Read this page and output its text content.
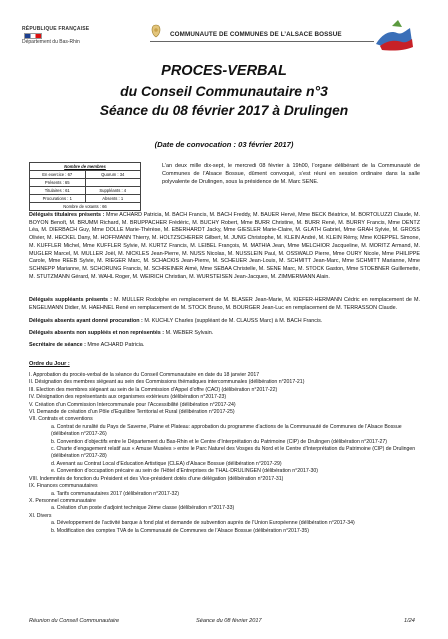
RÉPUBLIQUE FRANÇAISE
Département du Bas-Rhin
COMMUNAUTE DE COMMUNES DE L’ALSACE BOSSUE
PROCES-VERBAL
du Conseil Communautaire n°3
Séance du 08 février 2017 à Drulingen
(Date de convocation : 03 février 2017)
Nombre de membres
En exercice : 67	Quorum : 34
Présents : 65
Titulaires : 61	Suppléants : 4
Procurations : 1	Absents : 1
Nombre de votants : 66
L’an deux mille dix-sept, le mercredi 08 février à 19h00, l’organe délibérant de la Communauté de Communes de l’Alsace Bossue, dûment convoqué, s’est réuni en session ordinaire dans la salle polyvalente de Drulingen, sous la présidence de M. Marc SENE.
Délégués titulaires présents : Mme ACHARD Patricia, M. BACH Francis, M. BACH Freddy, M. BAUER Hervé, Mme BECK Béatrice, M. BORTOLUZZI Claude, M. BOYON Benoît, M. BRUMM Richard, M. BRUPPACHER Frédéric, M. BUCHY Robert, Mme BURR Christine, M. BURR René, M. BURRY Francis, Mme DENTZ Léa, M. DIERBACH Guy, Mme DOLLE Marie-Thérèse, M. EBERHARDT Jacky, Mme GIESLER Marie-Claire, M. GLATH Gabriel, Mme GRAH Sylvie, M. GROSS Olivier, M. HECKEL Dany, M. HOFFMANN Thierry, M. HOLTZSCHERER Gilbert, M. JUNG Christophe, M. KLEIN André, M. KLEIN Rémy, Mme KOEPPEL Simone, M. KUFFLER Michel, Mme KUFFLER Sylvie, M. KURTZ Francis, M. LEIBEL François, M. MATHIA Jean, Mme MELCHIOR Jacqueline, M. MORITZ Armand, M. MUGLER Marcel, M. MULLER Joël, M. NICKLES Jean-Pierre, M. NUSS Nicolas, M. NUSSLEIN Paul, M. OSSWALD Pierre, Mme OURY Nicole, Mme PHILIPPE Carole, Mme REEB Sylvie, M. RIEGER Marc, M. SCHACKIS Jean-Pierre, M. SCHEUER Jean-Louis, M. SCHMITT Jean-Marc, Mme SCHMITT Marianne, Mme SCHNEPP Marianne, M. SCHORUNG Francis, M. SCHREINER Aimé, Mme SEBAA Christelle, M. SENE Marc, M. STOCK Gaston, Mme STOEBNER Guillemette, M. STUTZMANN Gérard, M. WAHL Roger, M. WEIRICH Christian, M. WURSTEISEN Jean-Jacques, M. ZIMMERMANN Alain.
Délégués suppléants présents : M. MULLER Rodolphe en remplacement de M. BLASER Jean-Marie, M. KIEFER-HERMANN Cédric en remplacement de M. ENGELMANN Didier, M. HAEHNEL René en remplacement de M. STOCK Bruno, M. BOURGER Jean-Luc en remplacement de M. TERRASSON Claude.
Délégués absents ayant donné procuration : M. KUCHLY Charles (suppléant de M. CLAUSS Marc) à M. BACH Francis.
Délégués absents non suppléés et non représentés : M. WEBER Sylvain.
Secrétaire de séance : Mme ACHARD Patricia.
Ordre du Jour :
I. Approbation du procès-verbal de la séance du Conseil Communautaire en date du 18 janvier 2017
II. Désignation des membres siégeant au sein des Commissions thématiques intercommunales (délibération n°2017-21)
III. Election des membres siégeant au sein de la Commission d’Appel d’offre (CAO) (délibération n°2017-22)
IV. Désignation des représentants aux organismes extérieurs (délibération n°2017-23)
V. Création d’un Commission Intercommunale pour l’Accessibilité (délibération n°2017-24)
VI. Demande de création d’un Pôle d’Equilibre Territorial et Rural (délibération n°2017-25)
VII. Contrats et conventions
a. Contrat de ruralité du Pays de Saverne, Plaine et Plateau: approbation du programme d’actions de la Communauté de Communes de l’Alsace Bossue (délibération n°2017-26)
b. Convention d’objectifs entre le Département du Bas-Rhin et le Centre d’Interprétation du Patrimoine (CIP) de Drulingen (délibération n°2017-27)
c. Charte d’engagement relatif aux « Amuse Musées » entre le Parc Naturel des Vosges du Nord et le Centre d’Interprétation du Patrimoine (CIP) de Drulingen (délibération n°2017-28)
d. Avenant au Contrat Local d’Education Artistique (CLEA) d’Alsace Bossue (délibération n°2017-29)
e. Convention d’occupation précaire au sein de l’Hôtel d’Entreprises de THAL-DRULINGEN (délibération n°2017-30)
VIII. Indemnités de fonction du Président et des Vice-président dotés d’une délégation (délibération n°2017-31)
IX. Finances communautaires
a. Tarifs communautaires 2017 (délibération n°2017-32)
X. Personnel communautaire
a. Création d’un poste d’adjoint technique 2ème classe (délibération n°2017-33)
XI. Divers
a. Développement de l’activité barque à fond plat et demande de subvention auprès de l’Union Européenne (délibération n°2017-34)
b. Modification des comptes TVA de la Communauté de Communes de l’Alsace Bossue (délibération n°2017-35)
Réunion du Conseil Communautaire	Séance du 08 février 2017	1/24
